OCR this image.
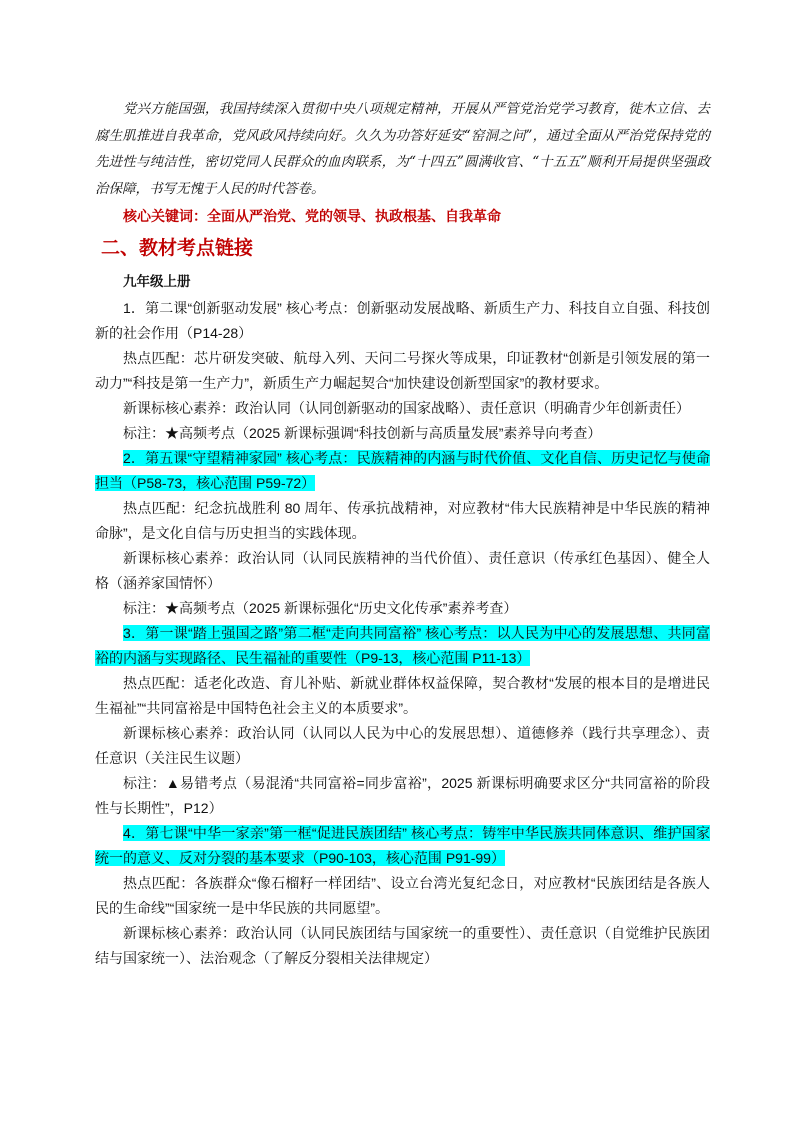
党兴方能国强，我国持续深入贯彻中央八项规定精神，开展从严管党治党学习教育，徙木立信、去腐生肌推进自我革命，党风政风持续向好。久久为功答好延安“窑洞之问”，通过全面从严治党保持党的先进性与纯洁性，密切党同人民群众的血肉联系，为“十四五”圆满收官、“十五五”顺利开局提供坚强政治保障，书写无愧于人民的时代答卷。

核心关键词：全面从严治党、党的领导、执政根基、自我革命

二、教材考点链接

九年级上册

1．第二课“创新驱动发展” 核心考点：创新驱动发展战略、新质生产力、科技自立自强、科技创新的社会作用（P14-28）

热点匹配：芯片研发突破、航母入列、天问二号探火等成果，印证教材“创新是引领发展的第一动力”“科技是第一生产力”，新质生产力崛起契合“加快建设创新型国家”的教材要求。

新课标核心素养：政治认同（认同创新驱动的国家战略）、责任意识（明确青少年创新责任）

标注：★高频考点（2025 新课标强调“科技创新与高质量发展”素养导向考查）

2．第五课“守望精神家园” 核心考点：民族精神的内涵与时代价值、文化自信、历史记忆与使命担当（P58-73，核心范围 P59-72）

热点匹配：纪念抗战胜利 80 周年、传承抗战精神，对应教材“伟大民族精神是中华民族的精神命脉”，是文化自信与历史担当的实践体现。

新课标核心素养：政治认同（认同民族精神的当代价值）、责任意识（传承红色基因）、健全人格（涵养家国情怀）

标注：★高频考点（2025 新课标强化“历史文化传承”素养考查）

3．第一课“踏上强国之路”第二框“走向共同富裕” 核心考点：以人民为中心的发展思想、共同富裕的内涵与实现路径、民生福祉的重要性（P9-13，核心范围 P11-13）

热点匹配：适老化改造、育儿补贴、新就业群体权益保障，契合教材“发展的根本目的是增进民生福祉”“共同富裕是中国特色社会主义的本质要求”。

新课标核心素养：政治认同（认同以人民为中心的发展思想）、道德修养（践行共享理念）、责任意识（关注民生议题）

标注：▲易错考点（易混淆“共同富裕=同步富裕”，2025 新课标明确要求区分“共同富裕的阶段性与长期性”，P12）

4．第七课“中华一家亲”第一框“促进民族团结” 核心考点：铸牢中华民族共同体意识、维护国家统一的意义、反对分裂的基本要求（P90-103，核心范围 P91-99）

热点匹配：各族群众“像石榴籽一样团结”、设立台湾光复纪念日，对应教材“民族团结是各族人民的生命线”“国家统一是中华民族的共同愿望”。

新课标核心素养：政治认同（认同民族团结与国家统一的重要性）、责任意识（自觉维护民族团结与国家统一）、法治观念（了解反分裂相关法律规定）
